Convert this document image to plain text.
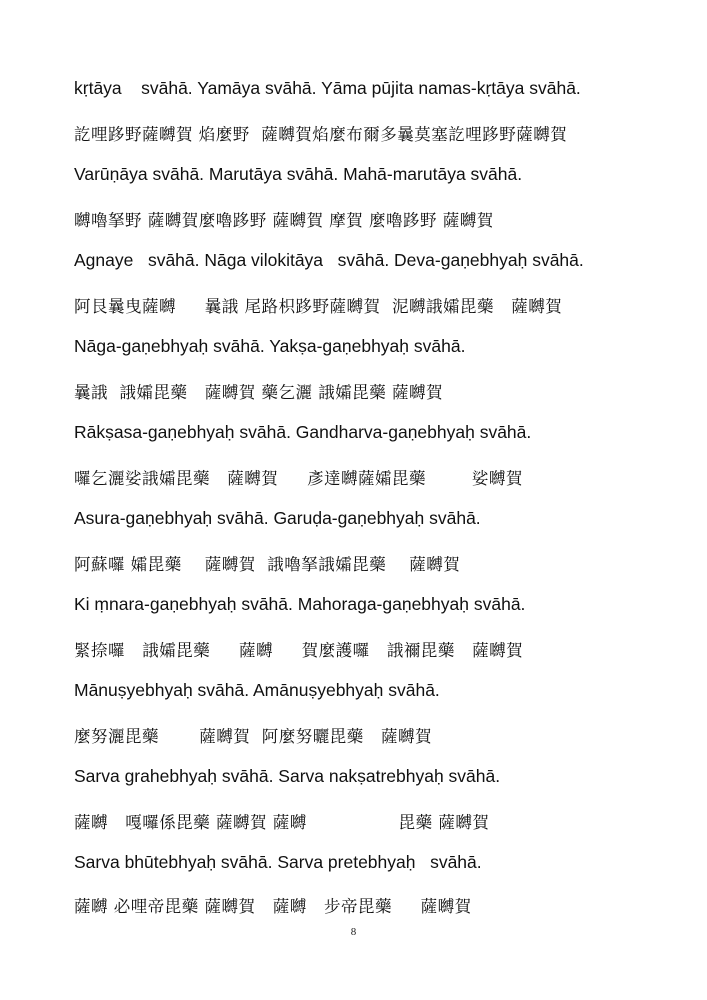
kṛtāya    svāhā. Yamāya svāhā. Yāma pūjita namas-kṛtāya svāhā.
訖哩跢野薩嚩賀 焰麼野  薩嚩賀焰麼布爾多曩莫塞訖哩跢野薩嚩賀
Varūṇāya svāhā. Marutāya svāhā. Mahā-marutāya svāhā.
嚩嚕拏野 薩嚩賀麼嚕跢野 薩嚩賀 摩賀 麼嚕跢野 薩嚩賀
Agnaye   svāhā. Nāga vilokitāya   svāhā. Deva-gaṇebhyaḥ svāhā.
阿艮曩曳薩嚩     曩誐 尾路枳跢野薩嚩賀  泥嚩誐孀毘藥   薩嚩賀
Nāga-gaṇebhyaḥ svāhā. Yakṣa-gaṇebhyaḥ svāhā.
曩誐  誐孀毘藥   薩嚩賀 藥乞灑 誐孀毘藥 薩嚩賀
Rākṣasa-gaṇebhyaḥ svāhā. Gandharva-gaṇebhyaḥ svāhā.
囉乞灑娑誐孀毘藥   薩嚩賀     彥達嚩薩孀毘藥        娑嚩賀
Asura-gaṇebhyaḥ svāhā. Garuḍa-gaṇebhyaḥ svāhā.
阿蘇囉 孀毘藥    薩嚩賀  誐嚕拏誐孀毘藥    薩嚩賀
Ki ṃnara-gaṇebhyaḥ svāhā. Mahoraga-gaṇebhyaḥ svāhā.
緊捺囉   誐孀毘藥     薩嚩     賀麼護囉   誐禰毘藥   薩嚩賀
Mānuṣyebhyaḥ svāhā. Amānuṣyebhyaḥ svāhā.
麼努灑毘藥       薩嚩賀  阿麼努曬毘藥   薩嚩賀
Sarva grahebhyaḥ svāhā. Sarva nakṣatrebhyaḥ svāhā.
薩嚩   嘎囉係毘藥 薩嚩賀 薩嚩                毘藥 薩嚩賀
Sarva bhūtebhyaḥ svāhā. Sarva pretebhyaḥ   svāhā.
薩嚩 必哩帝毘藥 薩嚩賀   薩嚩   步帝毘藥     薩嚩賀
8
